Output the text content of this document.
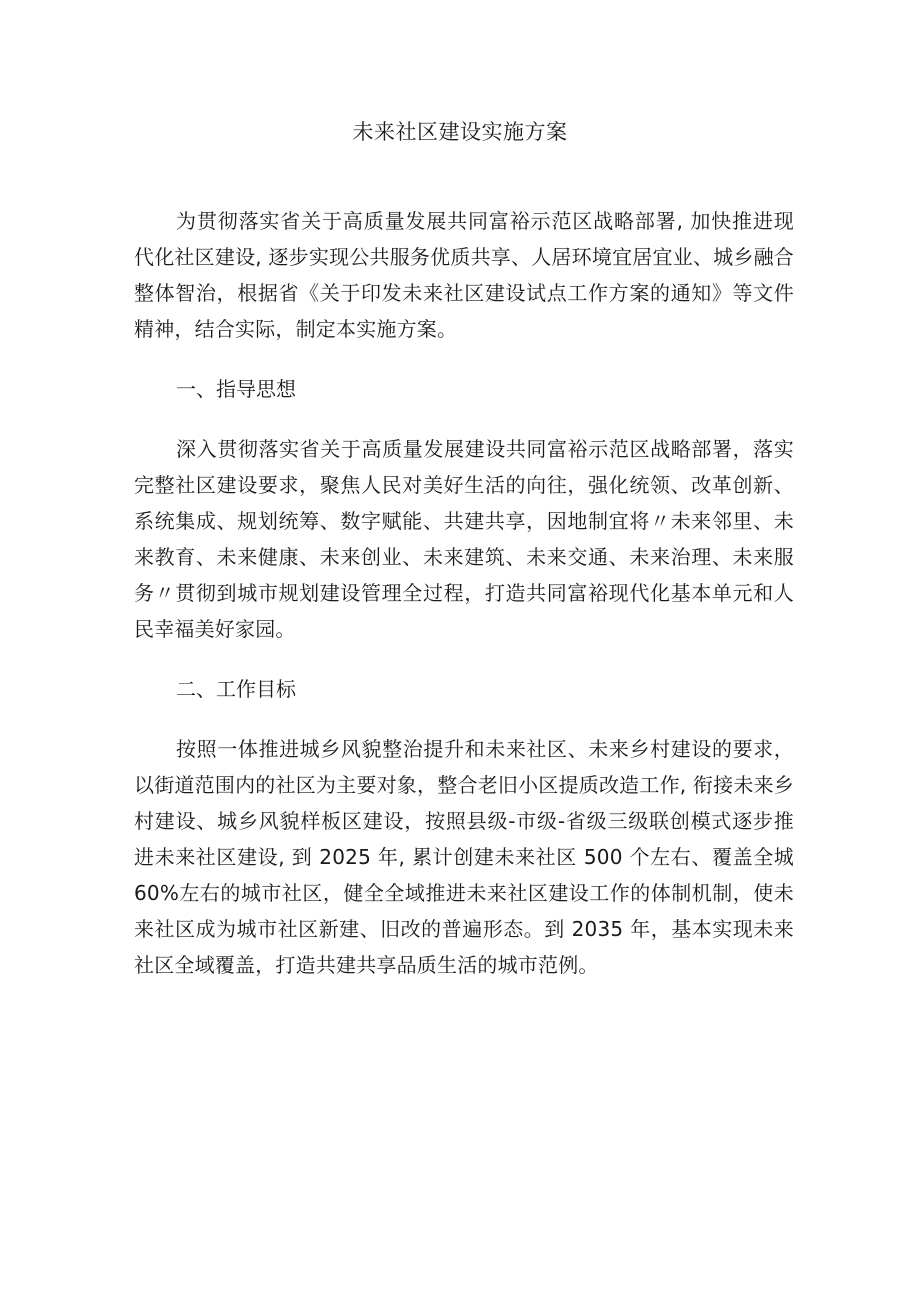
未来社区建设实施方案

为贯彻落实省关于高质量发展共同富裕示范区战略部署, 加快推进现代化社区建设, 逐步实现公共服务优质共享、人居环境宜居宜业、城乡融合整体智治，根据省《关于印发未来社区建设试点工作方案的通知》等文件精神，结合实际，制定本实施方案。

一、指导思想

深入贯彻落实省关于高质量发展建设共同富裕示范区战略部署，落实完整社区建设要求，聚焦人民对美好生活的向往，强化统领、改革创新、系统集成、规划统筹、数字赋能、共建共享，因地制宜将〃未来邻里、未来教育、未来健康、未来创业、未来建筑、未来交通、未来治理、未来服务〃贯彻到城市规划建设管理全过程，打造共同富裕现代化基本单元和人民幸福美好家园。

二、工作目标

按照一体推进城乡风貌整治提升和未来社区、未来乡村建设的要求，以街道范围内的社区为主要对象，整合老旧小区提质改造工作, 衔接未来乡村建设、城乡风貌样板区建设，按照县级-市级-省级三级联创模式逐步推进未来社区建设, 到 2025 年, 累计创建未来社区 500 个左右、覆盖全城 60%左右的城市社区，健全全域推进未来社区建设工作的体制机制，使未来社区成为城市社区新建、旧改的普遍形态。到 2035 年，基本实现未来社区全域覆盖，打造共建共享品质生活的城市范例。
